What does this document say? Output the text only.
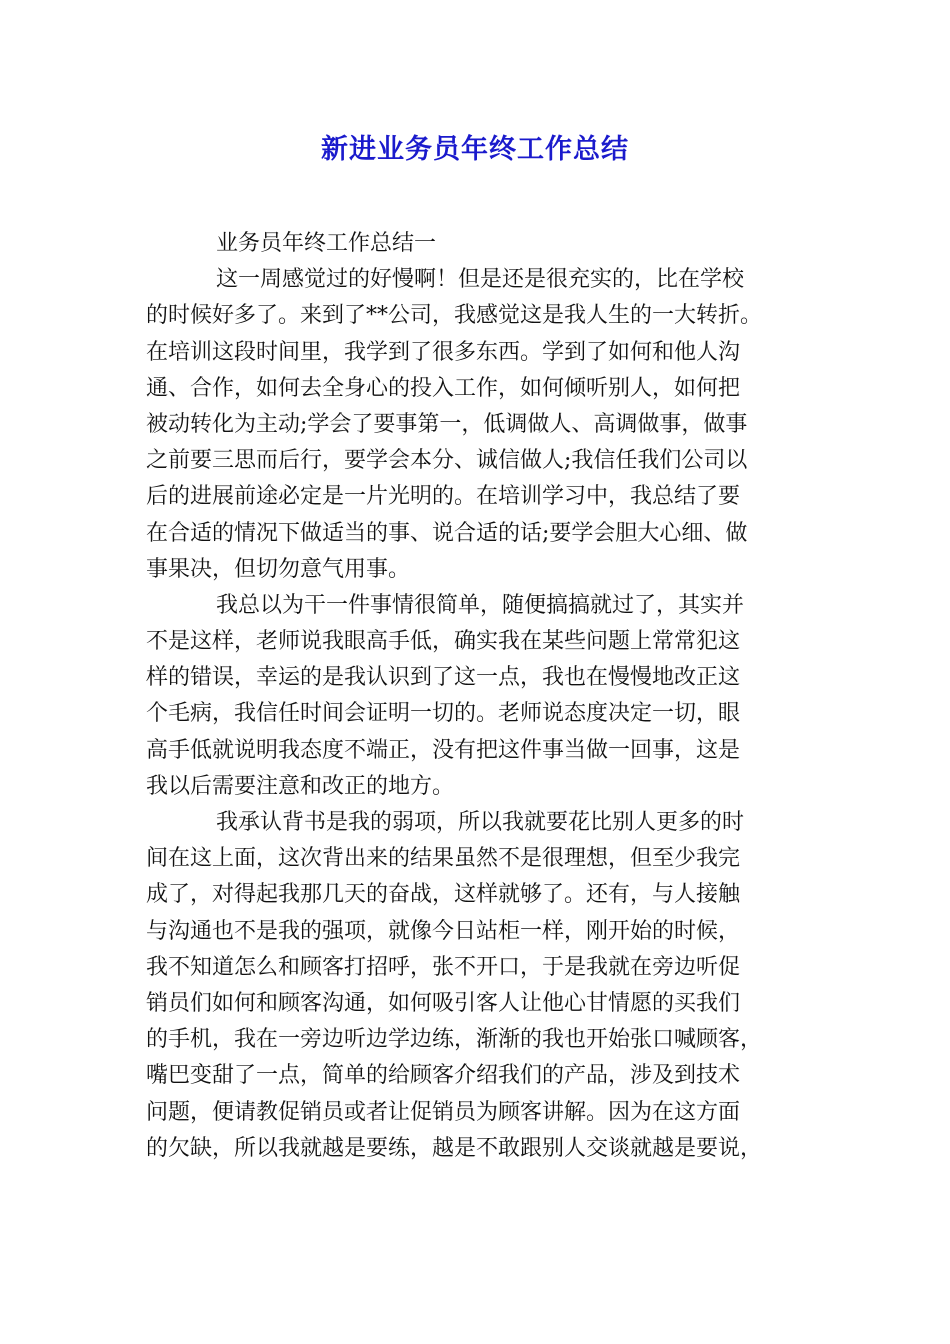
新进业务员年终工作总结
业务员年终工作总结一
这一周感觉过的好慢啊！但是还是很充实的，比在学校
的时候好多了。来到了**公司，我感觉这是我人生的一大转折。
在培训这段时间里，我学到了很多东西。学到了如何和他人沟
通、合作，如何去全身心的投入工作，如何倾听别人，如何把
被动转化为主动;学会了要事第一，低调做人、高调做事，做事
之前要三思而后行，要学会本分、诚信做人;我信任我们公司以
后的进展前途必定是一片光明的。在培训学习中，我总结了要
在合适的情况下做适当的事、说合适的话;要学会胆大心细、做
事果决，但切勿意气用事。
我总以为干一件事情很简单，随便搞搞就过了，其实并
不是这样，老师说我眼高手低，确实我在某些问题上常常犯这
样的错误，幸运的是我认识到了这一点，我也在慢慢地改正这
个毛病，我信任时间会证明一切的。老师说态度决定一切，眼
高手低就说明我态度不端正，没有把这件事当做一回事，这是
我以后需要注意和改正的地方。
我承认背书是我的弱项，所以我就要花比别人更多的时
间在这上面，这次背出来的结果虽然不是很理想，但至少我完
成了，对得起我那几天的奋战，这样就够了。还有，与人接触
与沟通也不是我的强项，就像今日站柜一样，刚开始的时候，
我不知道怎么和顾客打招呼，张不开口，于是我就在旁边听促
销员们如何和顾客沟通，如何吸引客人让他心甘情愿的买我们
的手机，我在一旁边听边学边练，渐渐的我也开始张口喊顾客，
嘴巴变甜了一点，简单的给顾客介绍我们的产品，涉及到技术
问题，便请教促销员或者让促销员为顾客讲解。因为在这方面
的欠缺，所以我就越是要练，越是不敢跟别人交谈就越是要说，
